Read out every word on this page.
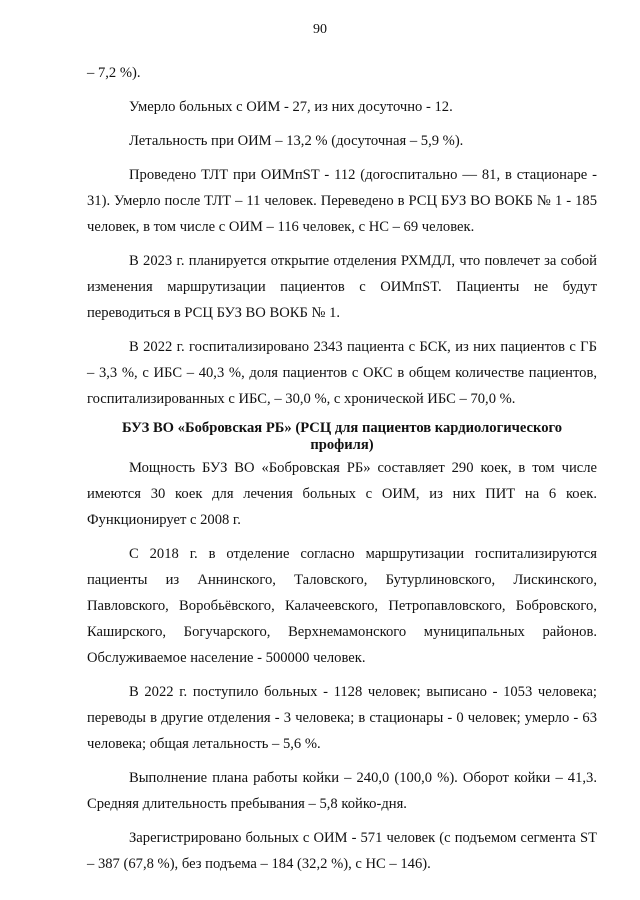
90

– 7,2 %).

Умерло больных с ОИМ - 27, из них досуточно - 12.

Летальность при ОИМ – 13,2 % (досуточная – 5,9 %).

Проведено ТЛТ при ОИМпST - 112 (догоспитально — 81, в стационаре - 31). Умерло после ТЛТ – 11 человек. Переведено в РСЦ БУЗ ВО ВОКБ № 1 - 185 человек, в том числе с ОИМ – 116 человек, с НС – 69 человек.

В 2023 г. планируется открытие отделения РХМДЛ, что повлечет за собой изменения маршрутизации пациентов с ОИМпST. Пациенты не будут переводиться в РСЦ БУЗ ВО ВОКБ № 1.

В 2022 г. госпитализировано 2343 пациента с БСК, из них пациентов с ГБ – 3,3 %, с ИБС – 40,3 %, доля пациентов с ОКС в общем количестве пациентов, госпитализированных с ИБС, – 30,0 %, с хронической ИБС – 70,0 %.

БУЗ ВО «Бобровская РБ» (РСЦ для пациентов кардиологического профиля)

Мощность БУЗ ВО «Бобровская РБ» составляет 290 коек, в том числе имеются 30 коек для лечения больных с ОИМ, из них ПИТ на 6 коек. Функционирует с 2008 г.

С 2018 г. в отделение согласно маршрутизации госпитализируются пациенты из Аннинского, Таловского, Бутурлиновского, Лискинского, Павловского, Воробьёвского, Калачеевского, Петропавловского, Бобровского, Каширского, Богучарского, Верхнемамонского муниципальных районов. Обслуживаемое население - 500000 человек.

В 2022 г. поступило больных - 1128 человек; выписано - 1053 человека; переводы в другие отделения - 3 человека; в стационары - 0 человек; умерло - 63 человека; общая летальность – 5,6 %.

Выполнение плана работы койки – 240,0 (100,0 %). Оборот койки – 41,3. Средняя длительность пребывания – 5,8 койко-дня.

Зарегистрировано больных с ОИМ - 571 человек (с подъемом сегмента ST – 387 (67,8 %), без подъема – 184 (32,2 %), с НС – 146).
